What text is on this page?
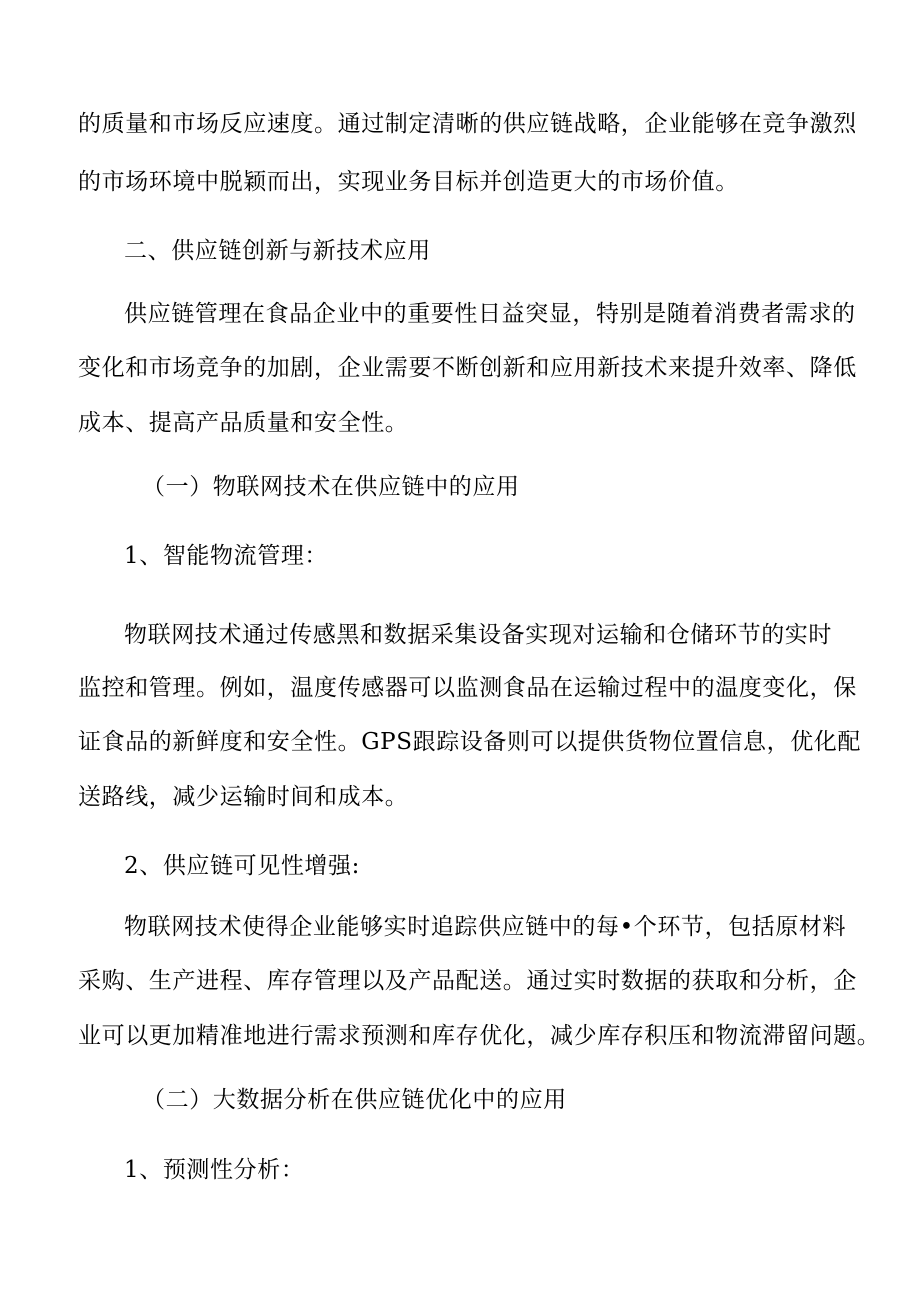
的质量和市场反应速度。通过制定清晰的供应链战略，企业能够在竞争激烈
的市场环境中脱颖而出，实现业务目标并创造更大的市场价值。
二、供应链创新与新技术应用
供应链管理在食品企业中的重要性日益突显，特别是随着消费者需求的
变化和市场竞争的加剧，企业需要不断创新和应用新技术来提升效率、降低
成本、提高产品质量和安全性。
（一）物联网技术在供应链中的应用
1、智能物流管理：
物联网技术通过传感黑和数据采集设备实现对运输和仓储环节的实时
监控和管理。例如，温度传感器可以监测食品在运输过程中的温度变化，保
证食品的新鲜度和安全性。GPS跟踪设备则可以提供货物位置信息，优化配
送路线，减少运输时间和成本。
2、供应链可见性增强:
物联网技术使得企业能够实时追踪供应链中的每•个环节，包括原材料
采购、生产进程、库存管理以及产品配送。通过实时数据的获取和分析，企
业可以更加精准地进行需求预测和库存优化，减少库存积压和物流滞留问题。
（二）大数据分析在供应链优化中的应用
1、预测性分析：
